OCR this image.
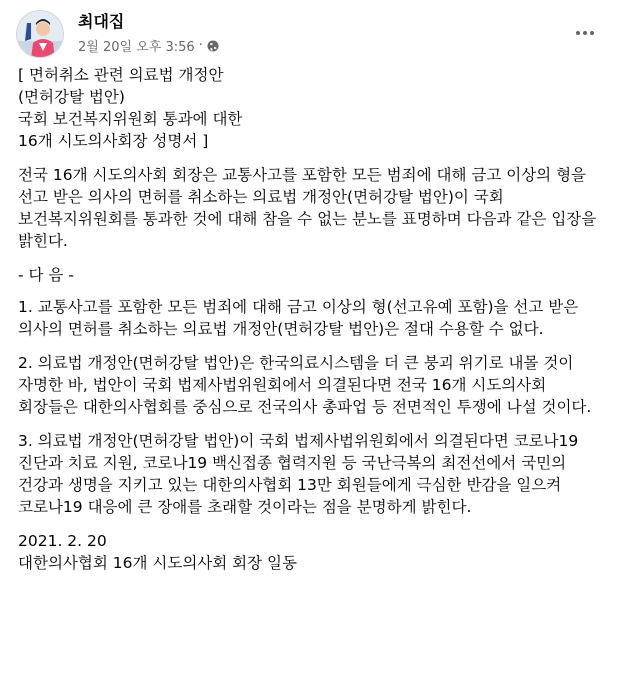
최대집
2월 20일 오후 3:56 ·

[ 면허취소 관련 의료법 개정안
(면허강탈 법안)
국회 보건복지위원회 통과에 대한
16개 시도의사회장 성명서 ]

전국 16개 시도의사회 회장은 교통사고를 포함한 모든 범죄에 대해 금고 이상의 형을 선고 받은 의사의 면허를 취소하는 의료법 개정안(면허강탈 법안)이 국회 보건복지위원회를 통과한 것에 대해 참을 수 없는 분노를 표명하며 다음과 같은 입장을 밝힌다.

- 다 음 -

1. 교통사고를 포함한 모든 범죄에 대해 금고 이상의 형(선고유예 포함)을 선고 받은 의사의 면허를 취소하는 의료법 개정안(면허강탈 법안)은 절대 수용할 수 없다.

2. 의료법 개정안(면허강탈 법안)은 한국의료시스템을 더 큰 붕괴 위기로 내몰 것이 자명한 바, 법안이 국회 법제사법위원회에서 의결된다면 전국 16개 시도의사회 회장들은 대한의사협회를 중심으로 전국의사 총파업 등 전면적인 투쟁에 나설 것이다.

3. 의료법 개정안(면허강탈 법안)이 국회 법제사법위원회에서 의결된다면 코로나19 진단과 치료 지원, 코로나19 백신접종 협력지원 등 국난극복의 최전선에서 국민의 건강과 생명을 지키고 있는 대한의사협회 13만 회원들에게 극심한 반감을 일으켜 코로나19 대응에 큰 장애를 초래할 것이라는 점을 분명하게 밝힌다.

2021. 2. 20

대한의사협회 16개 시도의사회 회장 일동
